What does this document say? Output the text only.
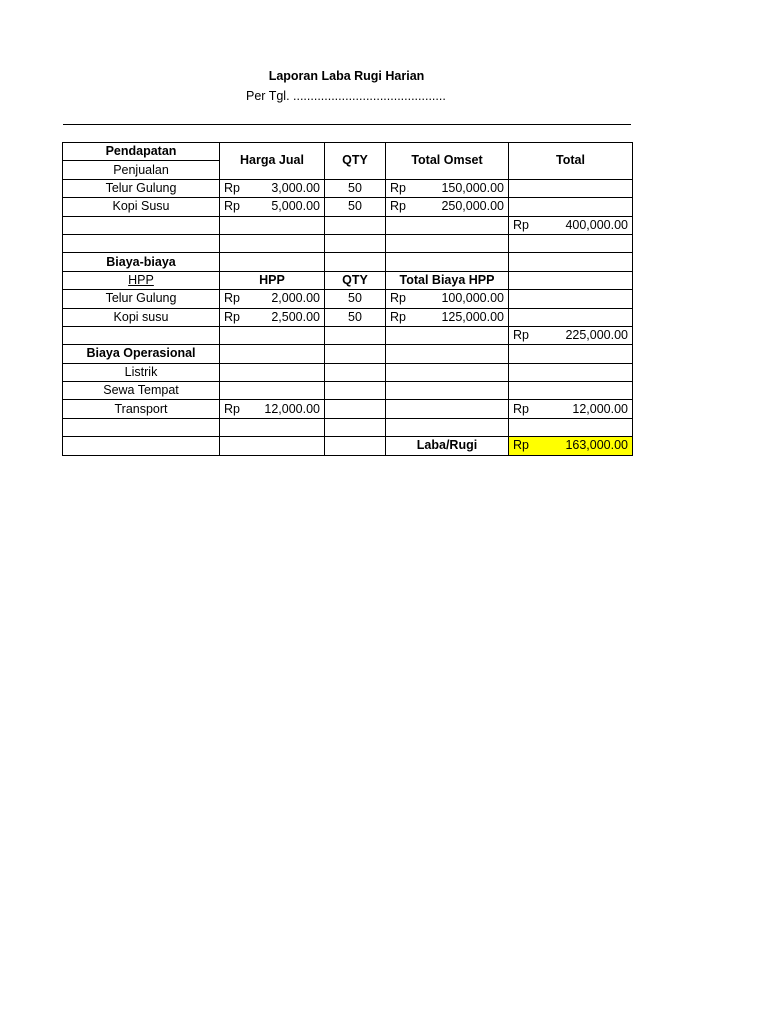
Laporan Laba Rugi Harian
Per Tgl. ............................................
Pendapatan	Harga Jual	QTY	Total Omset	Total
Penjualan				
Telur Gulung	Rp 3,000.00	50	Rp 150,000.00	

Kopi Susu	Rp 5,000.00	50	Rp 250,000.00	

				Rp 400,000.00

Biaya-biaya				
HPP	HPP	QTY	Total Biaya HPP	
Telur Gulung	Rp 2,000.00	50	Rp 100,000.00	

Kopi susu	Rp 2,500.00	50	Rp 125,000.00	

				Rp 225,000.00

Biaya Operasional				
Listrik				
Sewa Tempat				
Transport	Rp 12,000.00			Rp 12,000.00

			Laba/Rugi	Rp 163,000.00
